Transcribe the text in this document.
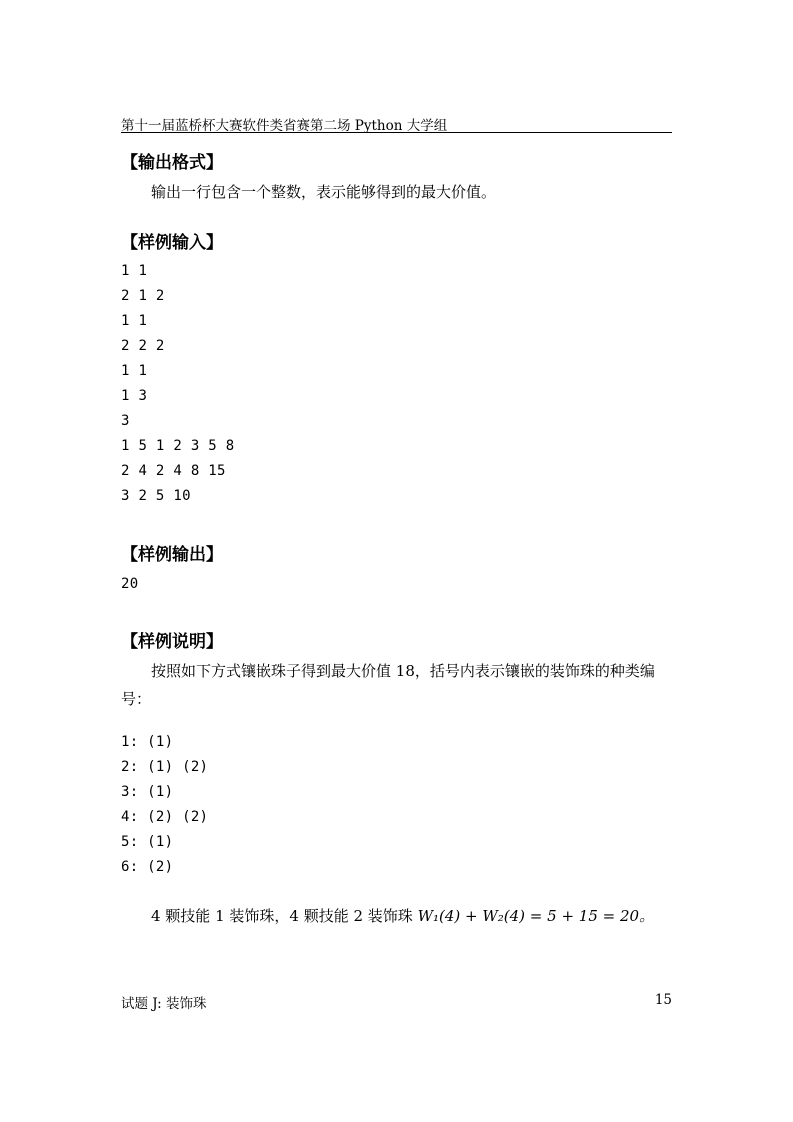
第十一届蓝桥杯大赛软件类省赛第二场 Python 大学组
【输出格式】
输出一行包含一个整数，表示能够得到的最大价值。
【样例输入】
1 1
2 1 2
1 1
2 2 2
1 1
1 3
3
1 5 1 2 3 5 8
2 4 2 4 8 15
3 2 5 10
【样例输出】
20
【样例说明】
按照如下方式镶嵌珠子得到最大价值 18，括号内表示镶嵌的装饰珠的种类编号：
1: (1)
2: (1) (2)
3: (1)
4: (2) (2)
5: (1)
6: (2)
4 颗技能 1 装饰珠，4 颗技能 2 装饰珠 W₁(4) + W₂(4) = 5 + 15 = 20。
试题 J: 装饰珠	15
